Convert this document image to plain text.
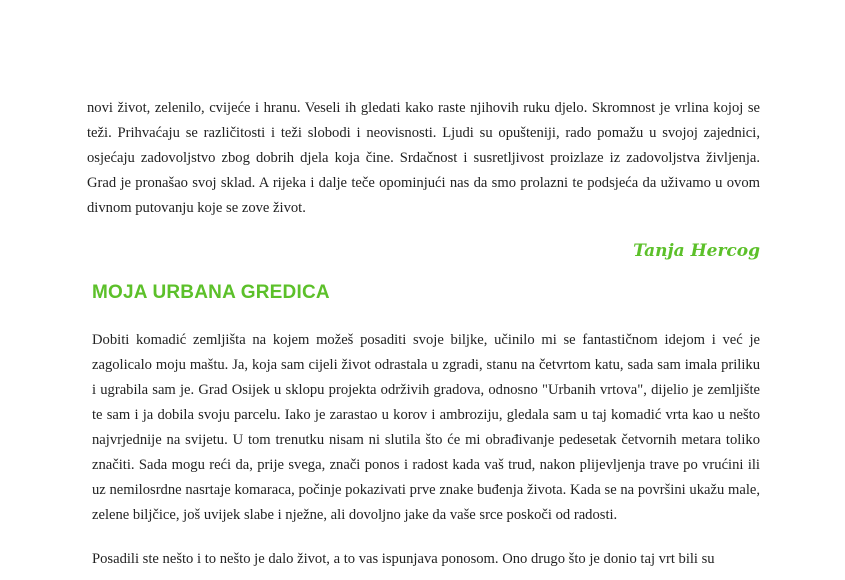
novi život, zelenilo, cvijeće i hranu. Veseli ih gledati kako raste njihovih ruku djelo. Skromnost je vrlina kojoj se teži. Prihvaćaju se različitosti i teži slobodi i neovisnosti. Ljudi su opušteniji, rado pomažu u svojoj zajednici, osjećaju zadovoljstvo zbog dobrih djela koja čine. Srdačnost i susretljivost proizlaze iz zadovoljstva življenja. Grad je pronašao svoj sklad. A rijeka i dalje teče opominjući nas da smo prolazni te podsjeća da uživamo u ovom divnom putovanju koje se zove život.

Tanja Hercog

MOJA URBANA GREDICA

Dobiti komadić zemljišta na kojem možeš posaditi svoje biljke, učinilo mi se fantastičnom idejom i već je zagolicalo moju maštu. Ja, koja sam cijeli život odrastala u zgradi, stanu na četvrtom katu, sada sam imala priliku i ugrabila sam je. Grad Osijek u sklopu projekta održivih gradova, odnosno "Urbanih vrtova", dijelio je zemljište te sam i ja dobila svoju parcelu. Iako je zarastao u korov i ambroziju, gledala sam u taj komadić vrta kao u nešto najvrjednije na svijetu. U tom trenutku nisam ni slutila što će mi obrađivanje pedesetak četvornih metara toliko značiti. Sada mogu reći da, prije svega, znači ponos i radost kada vaš trud, nakon plijevljenja trave po vrućini ili uz nemilosrdne nasrtaje komaraca, počinje pokazivati prve znake buđenja života. Kada se na površini ukažu male, zelene biljčice, još uvijek slabe i nježne, ali dovoljno jake da vaše srce poskoči od radosti.

Posadili ste nešto i to nešto je dalo život, a to vas ispunjava ponosom. Ono drugo što je donio taj vrt bili su
